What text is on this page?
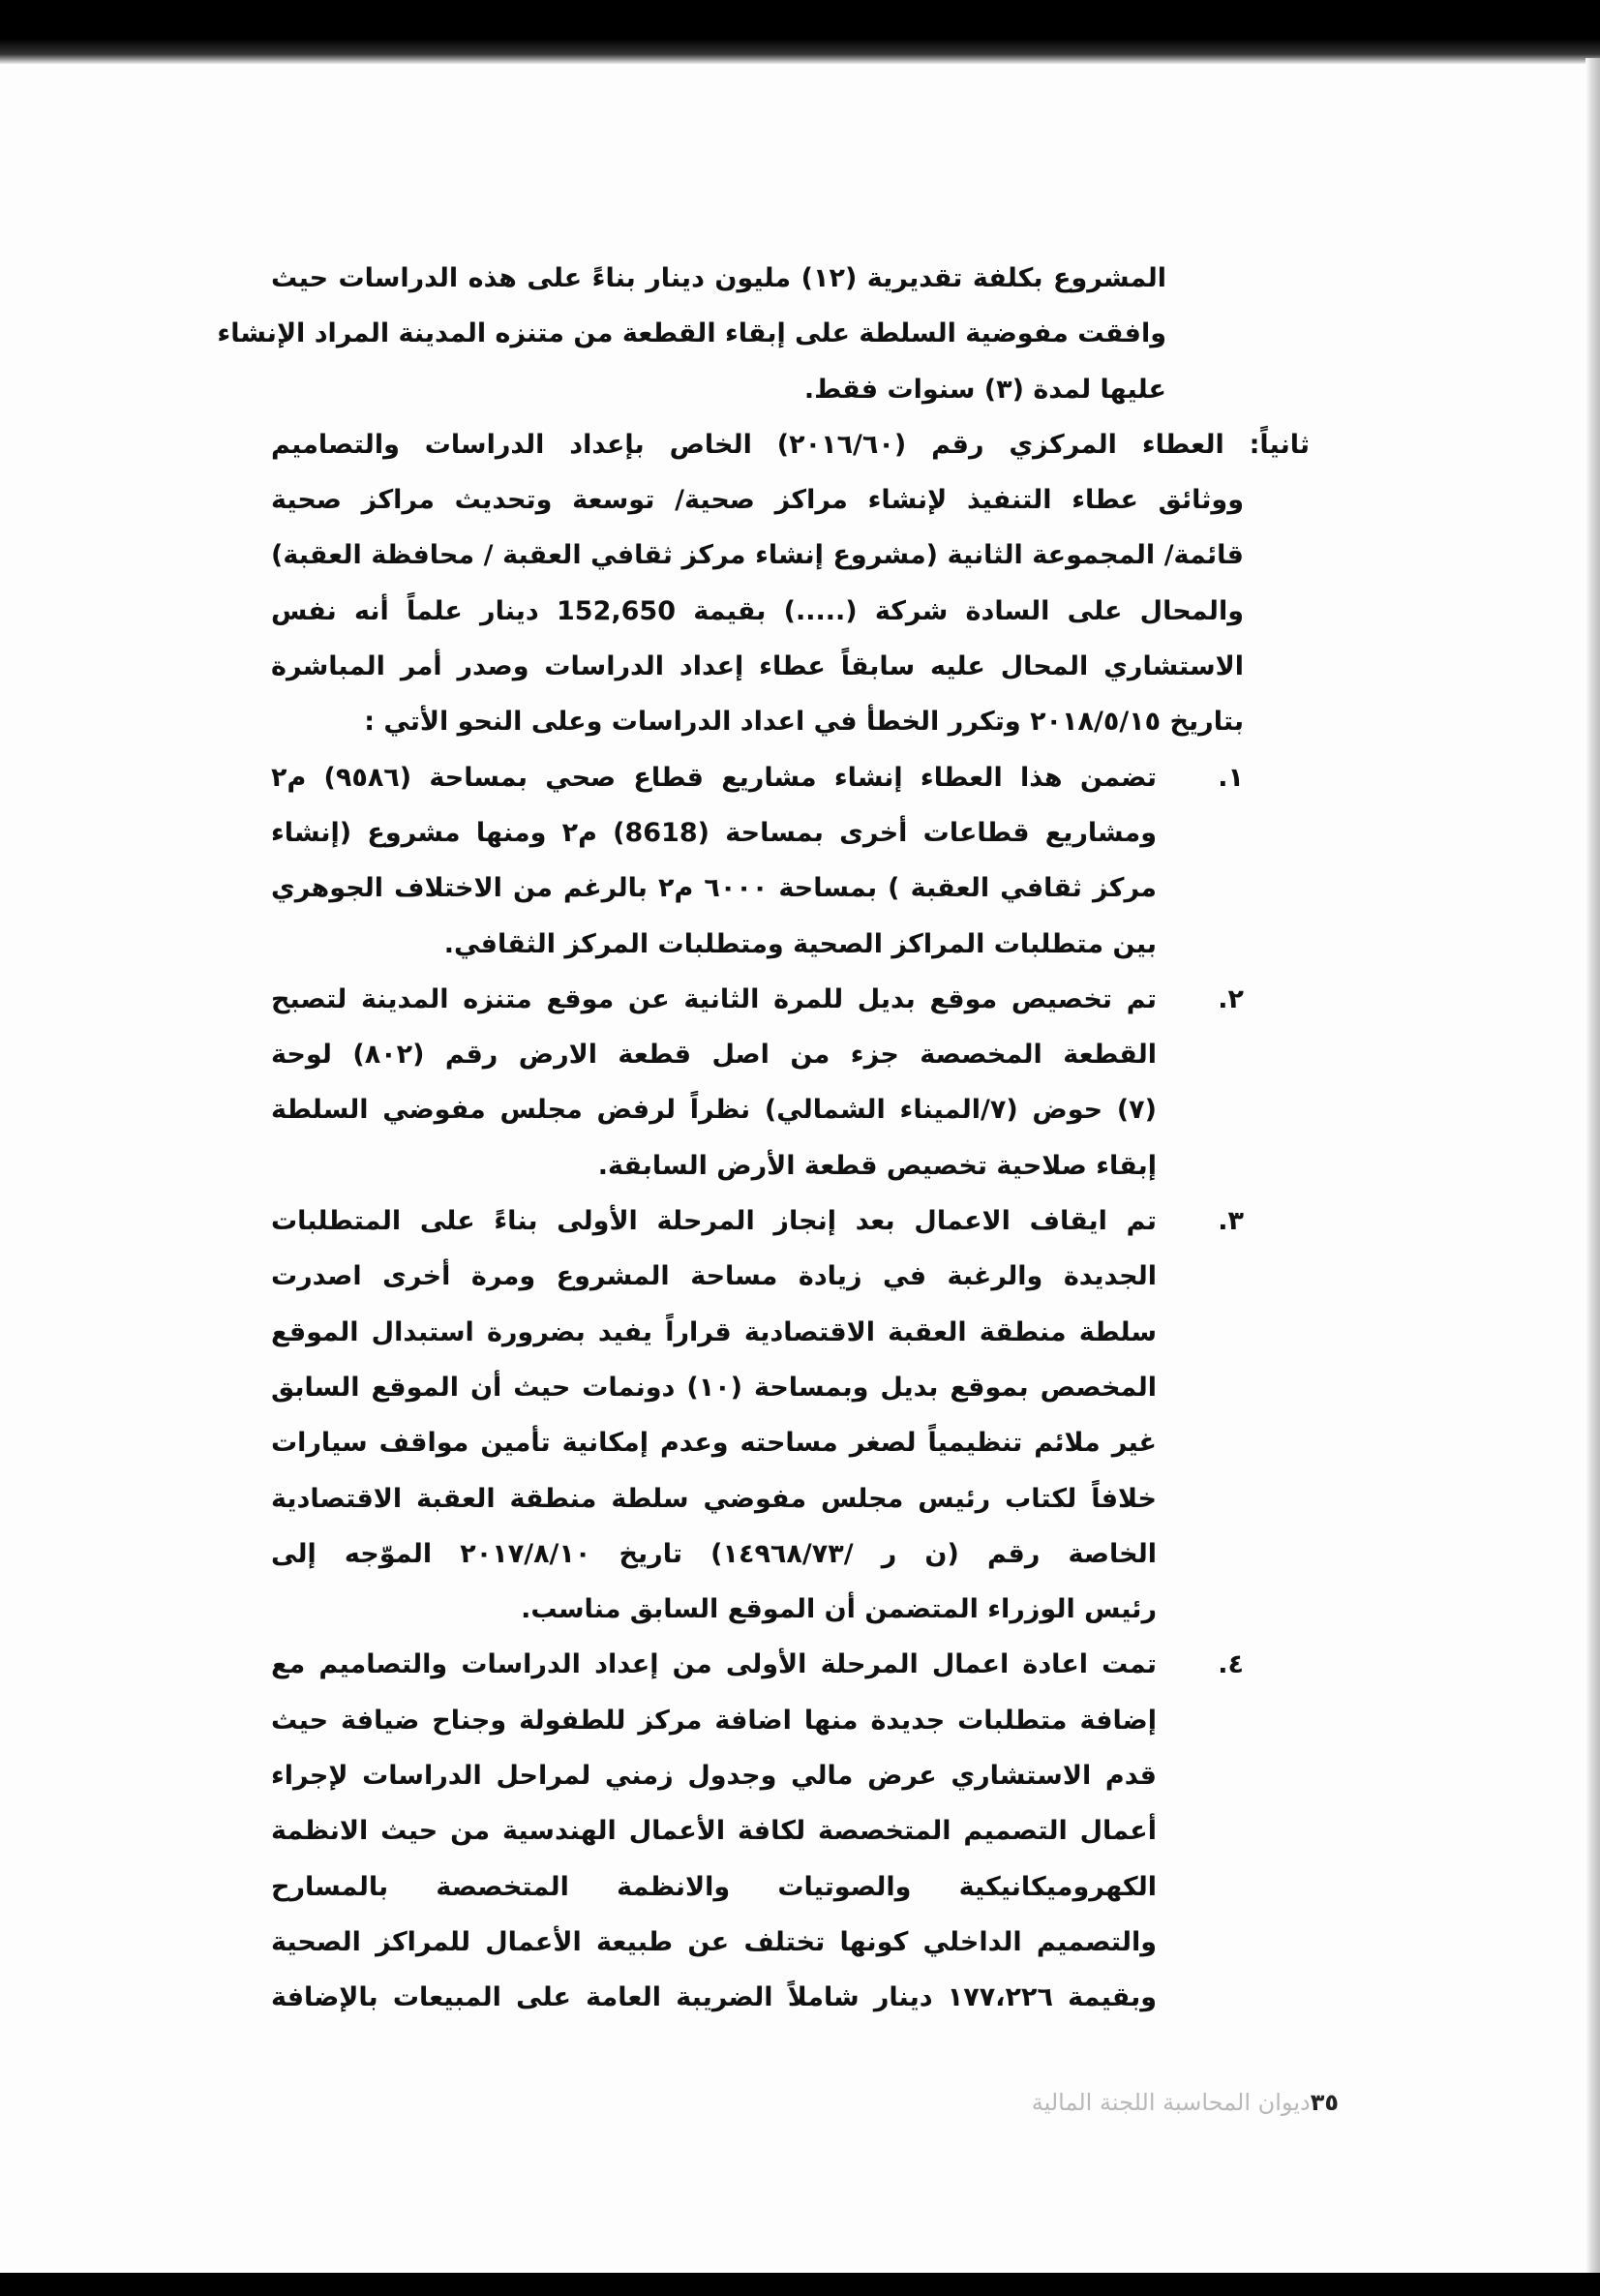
المشروع بكلفة تقديرية (١٢) مليون دينار بناءً على هذه الدراسات حيث
وافقت مفوضية السلطة على إبقاء القطعة من متنزه المدينة المراد الإنشاء
عليها لمدة (٣) سنوات فقط.
ثانياً: العطاء المركزي رقم (٢٠١٦/٦٠) الخاص بإعداد الدراسات والتصاميم
ووثائق عطاء التنفيذ لإنشاء مراكز صحية/ توسعة وتحديث مراكز صحية
قائمة/ المجموعة الثانية (مشروع إنشاء مركز ثقافي العقبة / محافظة العقبة)
والمحال على السادة شركة (.....) بقيمة 152,650 دينار علماً أنه نفس
الاستشاري المحال عليه سابقاً عطاء إعداد الدراسات وصدر أمر المباشرة
بتاريخ ٢٠١٨/٥/١٥ وتكرر الخطأ في اعداد الدراسات وعلى النحو الأتي :
١.
تضمن هذا العطاء إنشاء مشاريع قطاع صحي بمساحة (٩٥٨٦) م٢
ومشاريع قطاعات أخرى بمساحة (8618) م٢ ومنها مشروع (إنشاء
مركز ثقافي العقبة ) بمساحة ٦٠٠٠ م٢ بالرغم من الاختلاف الجوهري
بين متطلبات المراكز الصحية ومتطلبات المركز الثقافي.
٢.
تم تخصيص موقع بديل للمرة الثانية عن موقع متنزه المدينة لتصبح
القطعة المخصصة جزء من اصل قطعة الارض رقم (٨٠٢) لوحة
(٧) حوض (٧/الميناء الشمالي) نظراً لرفض مجلس مفوضي السلطة
إبقاء صلاحية تخصيص قطعة الأرض السابقة.
٣.
تم ايقاف الاعمال بعد إنجاز المرحلة الأولى بناءً على المتطلبات
الجديدة والرغبة في زيادة مساحة المشروع ومرة أخرى اصدرت
سلطة منطقة العقبة الاقتصادية قراراً يفيد بضرورة استبدال الموقع
المخصص بموقع بديل وبمساحة (١٠) دونمات حيث أن الموقع السابق
غير ملائم تنظيمياً لصغر مساحته وعدم إمكانية تأمين مواقف سيارات
خلافاً لكتاب رئيس مجلس مفوضي سلطة منطقة العقبة الاقتصادية
الخاصة رقم (ن ر /١٤٩٦٨/٧٣) تاريخ ٢٠١٧/٨/١٠ الموّجه إلى
رئيس الوزراء المتضمن أن الموقع السابق مناسب.
٤.
تمت اعادة اعمال المرحلة الأولى من إعداد الدراسات والتصاميم مع
إضافة متطلبات جديدة منها اضافة مركز للطفولة وجناح ضيافة حيث
قدم الاستشاري عرض مالي وجدول زمني لمراحل الدراسات لإجراء
أعمال التصميم المتخصصة لكافة الأعمال الهندسية من حيث الانظمة
الكهروميكانيكية والصوتيات والانظمة المتخصصة بالمسارح
والتصميم الداخلي كونها تختلف عن طبيعة الأعمال للمراكز الصحية
وبقيمة ١٧٧،٢٢٦ دينار شاملاً الضريبة العامة على المبيعات بالإضافة
٣٥ديوان المحاسبة اللجنة المالية
